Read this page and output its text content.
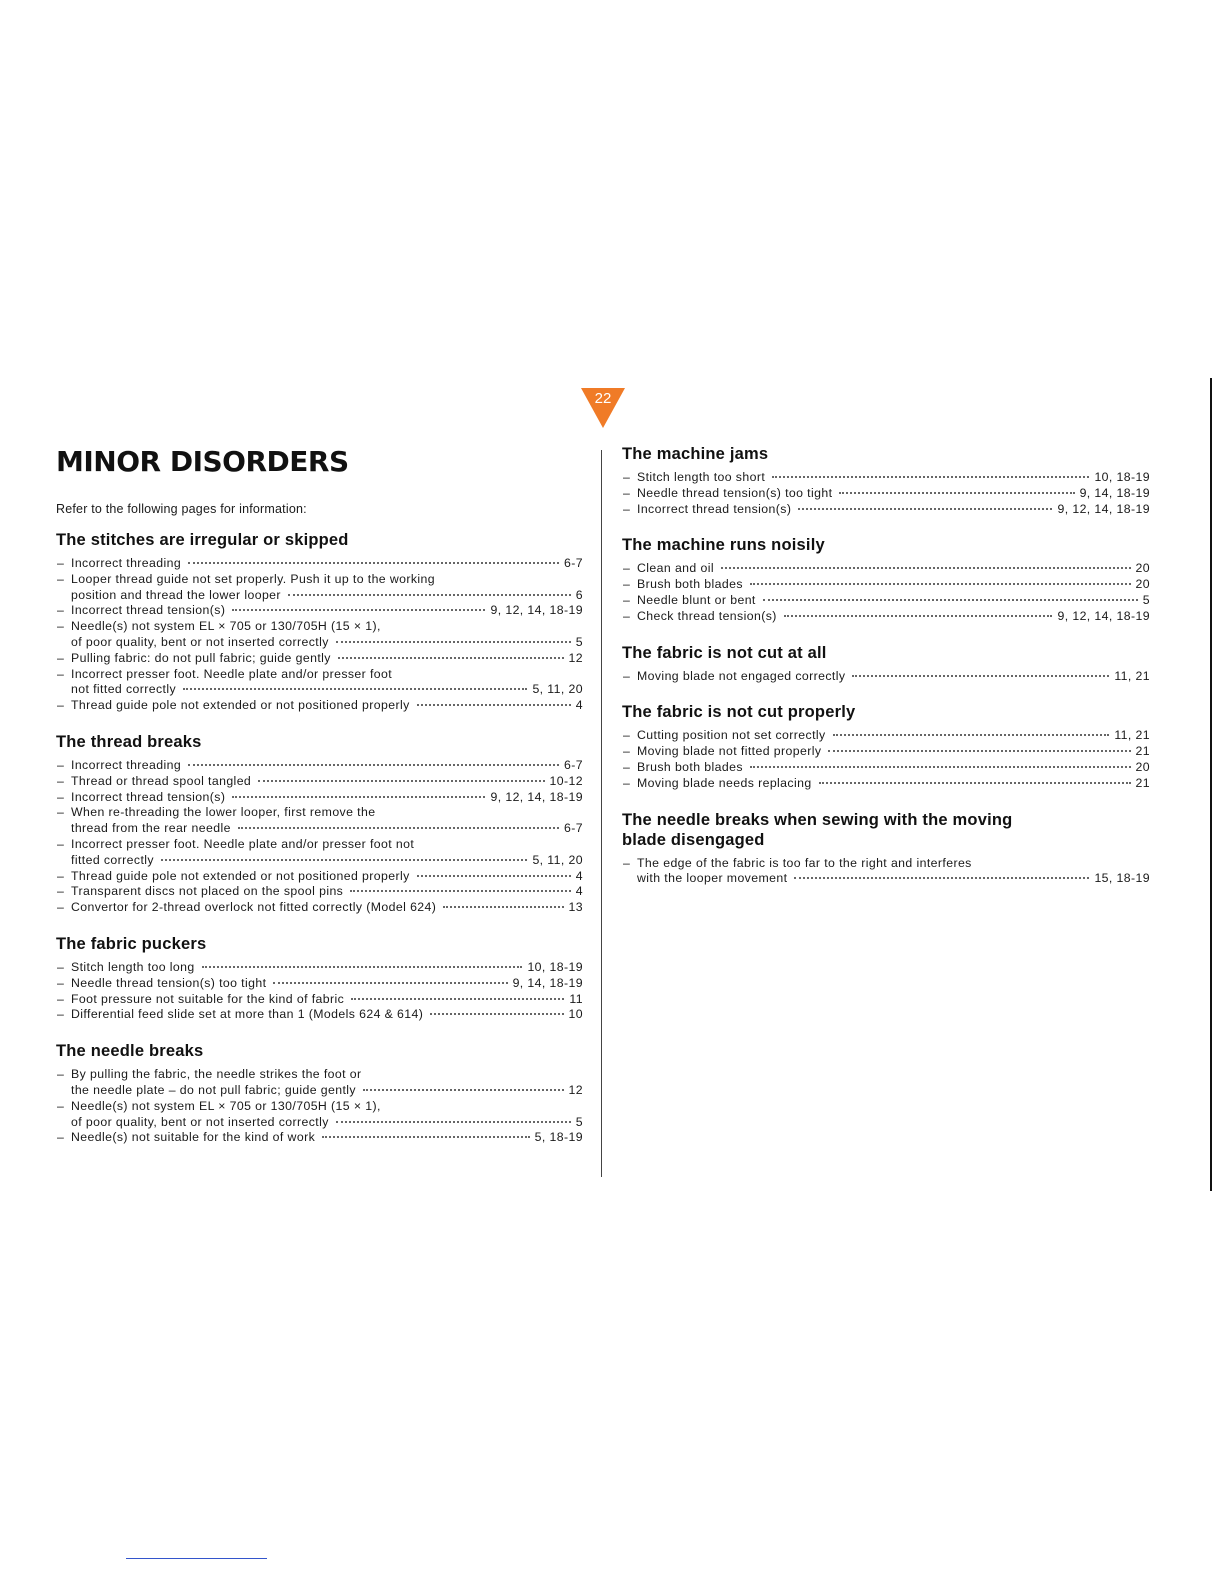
22
MINOR DISORDERS
Refer to the following pages for information:
The stitches are irregular or skipped
– Incorrect threading	6-7
– Looper thread guide not set properly. Push it up to the working
position and thread the lower looper	6
– Incorrect thread tension(s)	9, 12, 14, 18-19
– Needle(s) not system EL × 705 or 130/705H (15 × 1),
of poor quality, bent or not inserted correctly	5
– Pulling fabric: do not pull fabric; guide gently	12
– Incorrect presser foot. Needle plate and/or presser foot
not fitted correctly	5, 11, 20
– Thread guide pole not extended or not positioned properly	4
The thread breaks
– Incorrect threading	6-7
– Thread or thread spool tangled	10-12
– Incorrect thread tension(s)	9, 12, 14, 18-19
– When re-threading the lower looper, first remove the
thread from the rear needle	6-7
– Incorrect presser foot. Needle plate and/or presser foot not
fitted correctly	5, 11, 20
– Thread guide pole not extended or not positioned properly	4
– Transparent discs not placed on the spool pins	4
– Convertor for 2-thread overlock not fitted correctly (Model 624)	13
The fabric puckers
– Stitch length too long	10, 18-19
– Needle thread tension(s) too tight	9, 14, 18-19
– Foot pressure not suitable for the kind of fabric	11
– Differential feed slide set at more than 1 (Models 624 & 614)	10
The needle breaks
– By pulling the fabric, the needle strikes the foot or
the needle plate – do not pull fabric; guide gently	12
– Needle(s) not system EL × 705 or 130/705H (15 × 1),
of poor quality, bent or not inserted correctly	5
– Needle(s) not suitable for the kind of work	5, 18-19
The machine jams
– Stitch length too short	10, 18-19
– Needle thread tension(s) too tight	9, 14, 18-19
– Incorrect thread tension(s)	9, 12, 14, 18-19
The machine runs noisily
– Clean and oil	20
– Brush both blades	20
– Needle blunt or bent	5
– Check thread tension(s)	9, 12, 14, 18-19
The fabric is not cut at all
– Moving blade not engaged correctly	11, 21
The fabric is not cut properly
– Cutting position not set correctly	11, 21
– Moving blade not fitted properly	21
– Brush both blades	20
– Moving blade needs replacing	21
The needle breaks when sewing with the moving blade disengaged
– The edge of the fabric is too far to the right and interferes
with the looper movement	15, 18-19
